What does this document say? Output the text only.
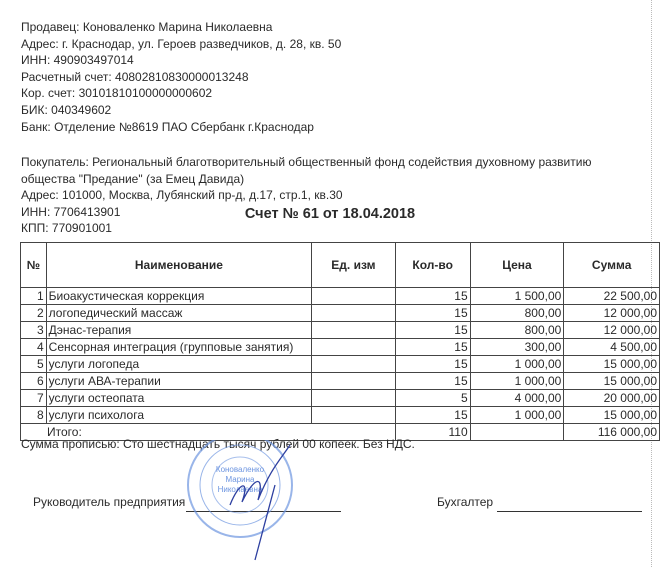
Продавец: Коноваленко Марина Николаевна
Адрес: г. Краснодар, ул. Героев разведчиков, д. 28, кв. 50
ИНН: 490903497014
Расчетный счет: 40802810830000013248
Кор. счет: 30101810100000000602
БИК: 040349602
Банк: Отделение №8619 ПАО Сбербанк г.Краснодар
Покупатель: Региональный благотворительный общественный фонд содействия духовному развитию
общества "Предание" (за Емец Давида)
Адрес: 101000, Москва, Лубянский пр-д, д.17, стр.1, кв.30
ИНН: 7706413901
КПП: 770901001
Счет № 61 от 18.04.2018
№	Наименование	Ед. изм	Кол-во	Цена	Сумма
1	Биоакустическая коррекция		15	1 500,00	22 500,00
2	логопедический массаж		15	800,00	12 000,00
3	Дэнас-терапия		15	800,00	12 000,00
4	Сенсорная интеграция (групповые занятия)		15	300,00	4 500,00
5	услуги логопеда		15	1 000,00	15 000,00
6	услуги АВА-терапии		15	1 000,00	15 000,00
7	услуги остеопата		5	4 000,00	20 000,00
8	услуги психолога		15	1 000,00	15 000,00
Итого:			110		116 000,00
Сумма прописью: Сто шестнадцать тысяч рублей 00 копеек. Без НДС.
Руководитель предприятия	Бухгалтер
Коноваленко
Марина
Николаевна
